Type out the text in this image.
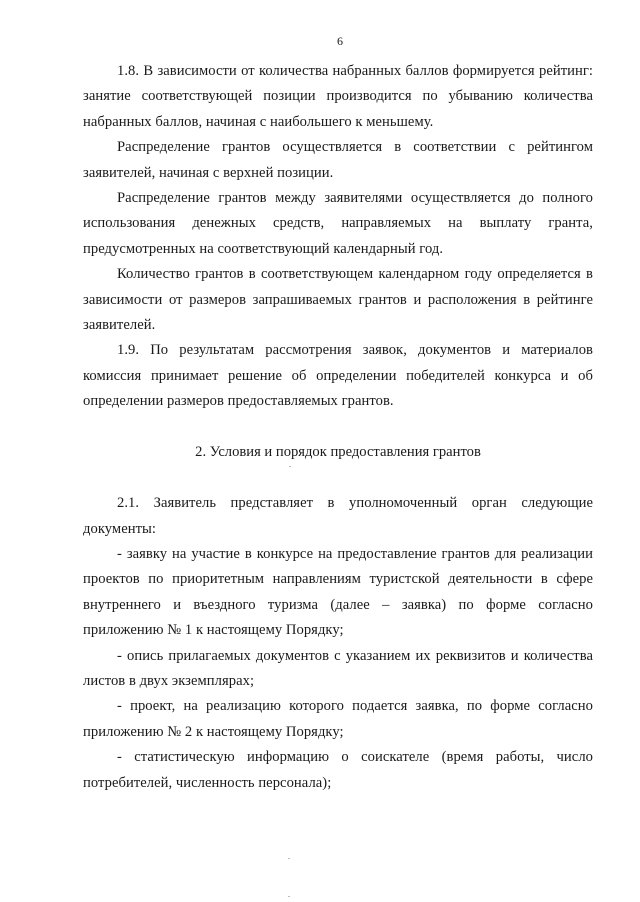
6

1.8. В зависимости от количества набранных баллов формируется рейтинг: занятие соответствующей позиции производится по убыванию количества набранных баллов, начиная с наибольшего к меньшему.

Распределение грантов осуществляется в соответствии с рейтингом заявителей, начиная с верхней позиции.

Распределение грантов между заявителями осуществляется до полного использования денежных средств, направляемых на выплату гранта, предусмотренных на соответствующий календарный год.

Количество грантов в соответствующем календарном году определяется в зависимости от размеров запрашиваемых грантов и расположения в рейтинге заявителей.

1.9. По результатам рассмотрения заявок, документов и материалов комиссия принимает решение об определении победителей конкурса и об определении размеров предоставляемых грантов.

2. Условия и порядок предоставления грантов

2.1. Заявитель представляет в уполномоченный орган следующие документы:

- заявку на участие в конкурсе на предоставление грантов для реализации проектов по приоритетным направлениям туристской деятельности в сфере внутреннего и въездного туризма (далее – заявка) по форме согласно приложению № 1 к настоящему Порядку;

- опись прилагаемых документов с указанием их реквизитов и количества листов в двух экземплярах;

- проект, на реализацию которого подается заявка, по форме согласно приложению № 2 к настоящему Порядку;

- статистическую информацию о соискателе (время работы, число потребителей, численность персонала);
